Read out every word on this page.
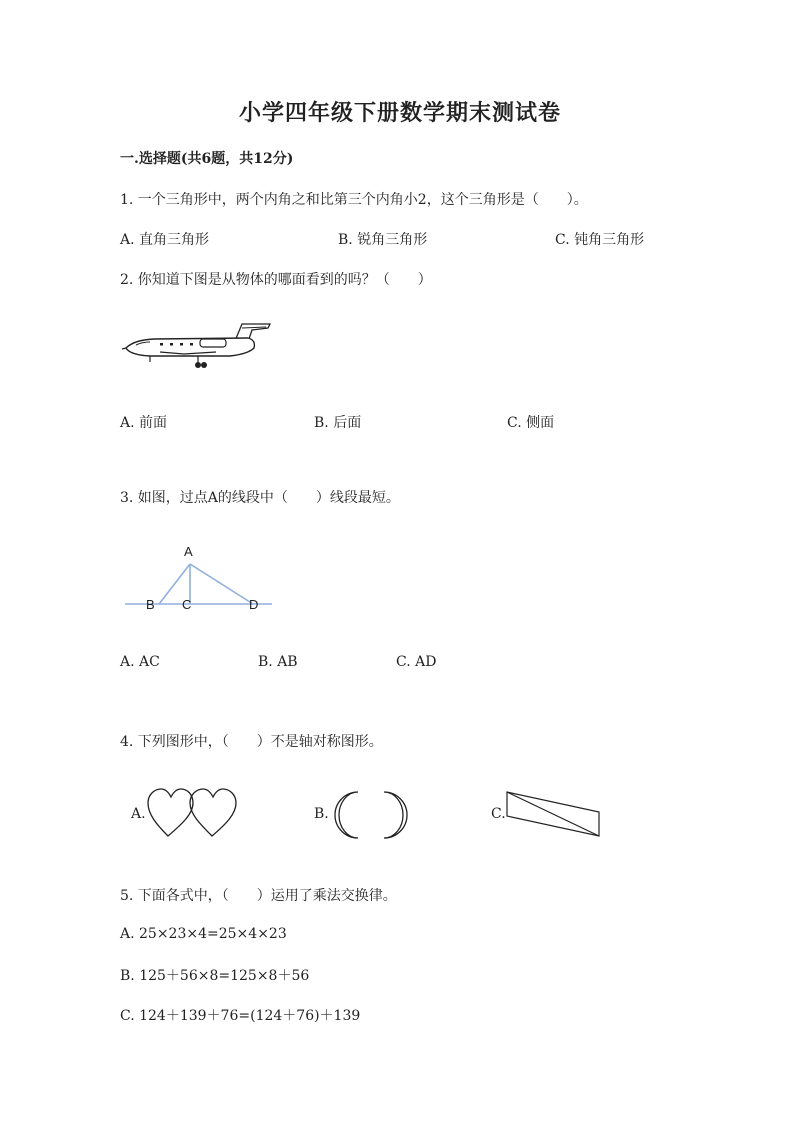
小学四年级下册数学期末测试卷
一.选择题(共6题，共12分)
1. 一个三角形中，两个内角之和比第三个内角小2，这个三角形是（　　）。
A. 直角三角形	B. 锐角三角形	C. 钝角三角形
2. 你知道下图是从物体的哪面看到的吗？（　　）
A. 前面	B. 后面	C. 侧面
3. 如图，过点A的线段中（　　）线段最短。
A
B C	D
A. AC	B. AB	C. AD
4. 下列图形中，（　　）不是轴对称图形。
A.	B.	C.
5. 下面各式中，（　　）运用了乘法交换律。
A. 25×23×4=25×4×23
B. 125＋56×8=125×8＋56
C. 124＋139＋76=(124＋76)＋139
